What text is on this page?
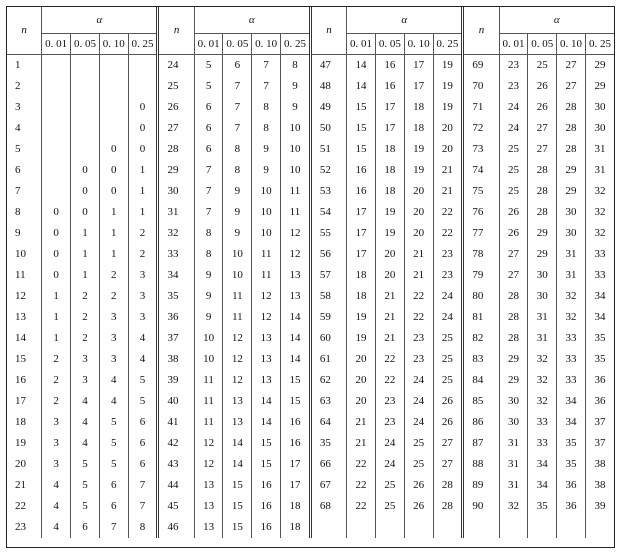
n	α				n	α				n	α				n	α			
	0. 01	0. 05	0. 10	0. 25		0. 01	0. 05	0. 10	0. 25		0. 01	0. 05	0. 10	0. 25		0. 01	0. 05	0. 10	0. 25
1					24	5	6	7	8	47	14	16	17	19	69	23	25	27	29
2					25	5	7	7	9	48	14	16	17	19	70	23	26	27	29
3				0	26	6	7	8	9	49	15	17	18	19	71	24	26	28	30
4				0	27	6	7	8	10	50	15	17	18	20	72	24	27	28	30
5			0	0	28	6	8	9	10	51	15	18	19	20	73	25	27	28	31
6		0	0	1	29	7	8	9	10	52	16	18	19	21	74	25	28	29	31
7		0	0	1	30	7	9	10	11	53	16	18	20	21	75	25	28	29	32
8	0	0	1	1	31	7	9	10	11	54	17	19	20	22	76	26	28	30	32
9	0	1	1	2	32	8	9	10	12	55	17	19	20	22	77	26	29	30	32
10	0	1	1	2	33	8	10	11	12	56	17	20	21	23	78	27	29	31	33
11	0	1	2	3	34	9	10	11	13	57	18	20	21	23	79	27	30	31	33
12	1	2	2	3	35	9	11	12	13	58	18	21	22	24	80	28	30	32	34
13	1	2	3	3	36	9	11	12	14	59	19	21	22	24	81	28	31	32	34
14	1	2	3	4	37	10	12	13	14	60	19	21	23	25	82	28	31	33	35
15	2	3	3	4	38	10	12	13	14	61	20	22	23	25	83	29	32	33	35
16	2	3	4	5	39	11	12	13	15	62	20	22	24	25	84	29	32	33	36
17	2	4	4	5	40	11	13	14	15	63	20	23	24	26	85	30	32	34	36
18	3	4	5	6	41	11	13	14	16	64	21	23	24	26	86	30	33	34	37
19	3	4	5	6	42	12	14	15	16	35	21	24	25	27	87	31	33	35	37
20	3	5	5	6	43	12	14	15	17	66	22	24	25	27	88	31	34	35	38
21	4	5	6	7	44	13	15	16	17	67	22	25	26	28	89	31	34	36	38
22	4	5	6	7	45	13	15	16	18	68	22	25	26	28	90	32	35	36	39
23	4	6	7	8	46	13	15	16	18										
